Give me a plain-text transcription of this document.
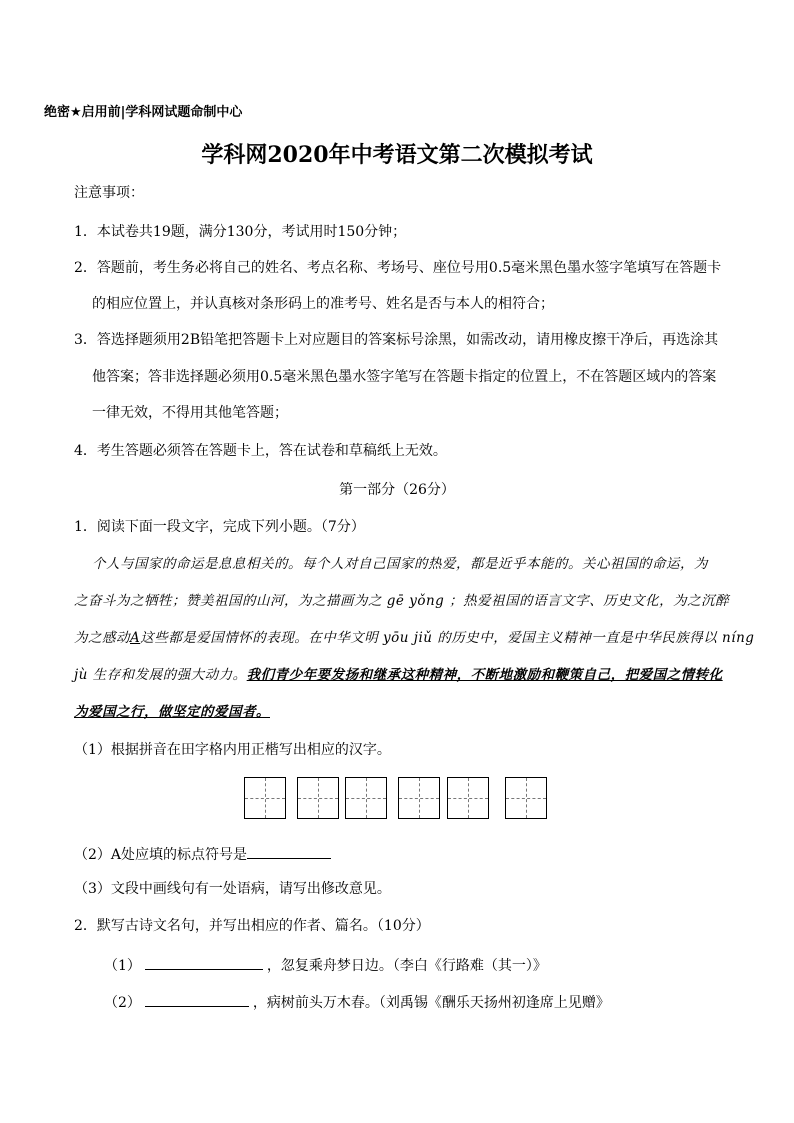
绝密★启用前|学科网试题命制中心
学科网2020年中考语文第二次模拟考试
注意事项：
1．本试卷共19题，满分130分，考试用时150分钟；
2．答题前，考生务必将自己的姓名、考点名称、考场号、座位号用0.5毫米黑色墨水签字笔填写在答题卡
的相应位置上，并认真核对条形码上的准考号、姓名是否与本人的相符合；
3．答选择题须用2B铅笔把答题卡上对应题目的答案标号涂黑，如需改动，请用橡皮擦干净后，再选涂其
他答案；答非选择题必须用0.5毫米黑色墨水签字笔写在答题卡指定的位置上，不在答题区域内的答案
一律无效，不得用其他笔答题；
4．考生答题必须答在答题卡上，答在试卷和草稿纸上无效。
第一部分（26分）
1．阅读下面一段文字，完成下列小题。（7分）
个人与国家的命运是息息相关的。每个人对自己国家的热爱，都是近乎本能的。关心祖国的命运，为
之奋斗为之牺牲；赞美祖国的山河，为之描画为之 gē yǒng ；热爱祖国的语言文字、历史文化，为之沉醉
为之感动A这些都是爱国情怀的表现。在中华文明 yōu jiǔ 的历史中，爱国主义精神一直是中华民族得以 níng
jù 生存和发展的强大动力。我们青少年要发扬和继承这种精神，不断地激励和鞭策自己，把爱国之情转化
为爱国之行，做坚定的爱国者。
（1）根据拼音在田字格内用正楷写出相应的汉字。
（2）A处应填的标点符号是
（3）文段中画线句有一处语病，请写出修改意见。
2．默写古诗文名句，并写出相应的作者、篇名。（10分）
（1）	，忽复乘舟梦日边。（李白《行路难（其一）》
（2）	，病树前头万木春。（刘禹锡《酬乐天扬州初逢席上见赠》
